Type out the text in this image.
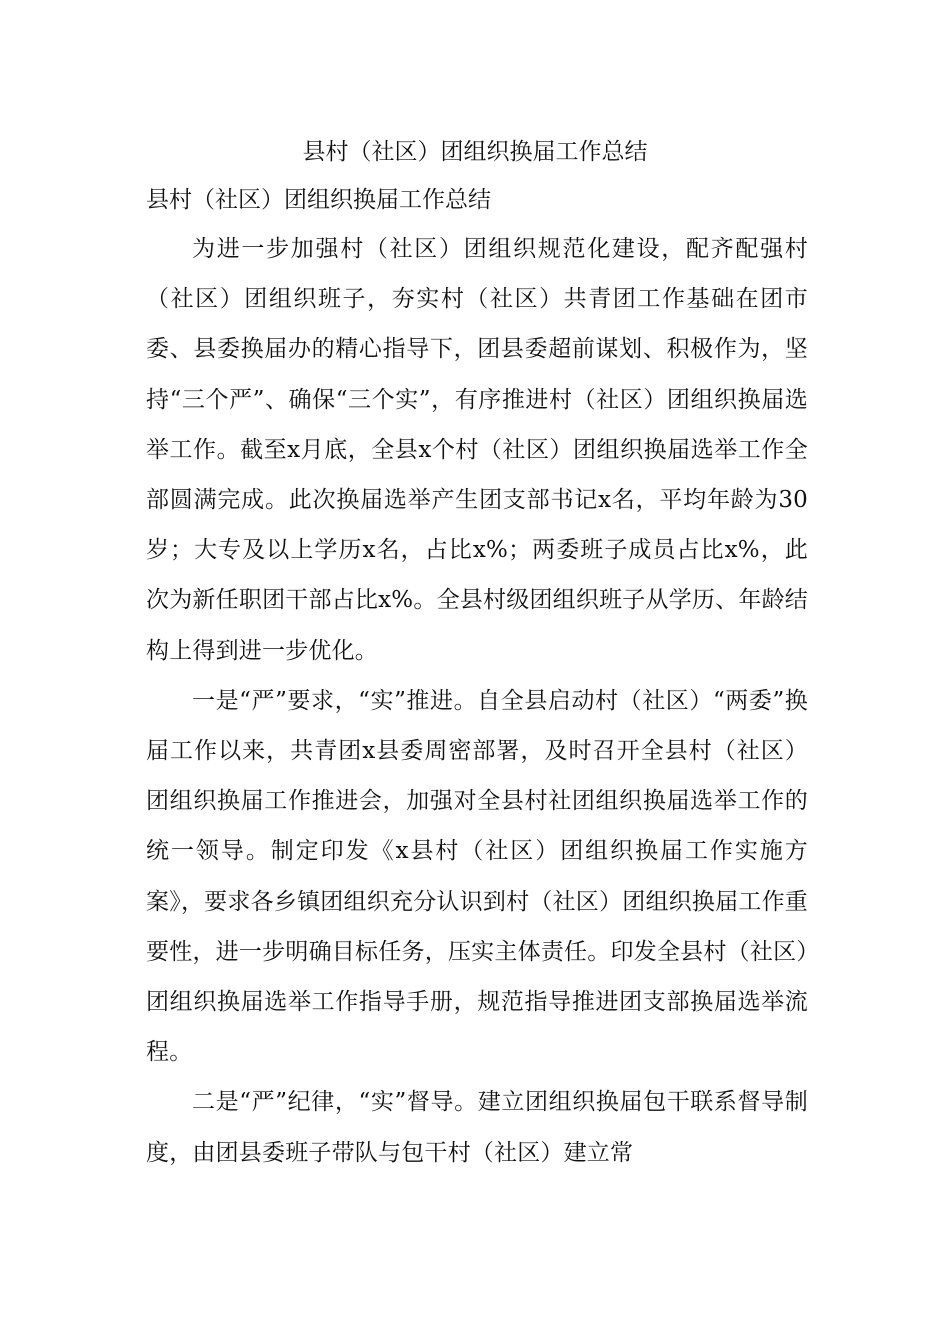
县村（社区）团组织换届工作总结
县村（社区）团组织换届工作总结

为进一步加强村（社区）团组织规范化建设，配齐配强村（社区）团组织班子，夯实村（社区）共青团工作基础在团市委、县委换届办的精心指导下，团县委超前谋划、积极作为，坚持“三个严”、确保“三个实”，有序推进村（社区）团组织换届选举工作。截至x月底，全县x个村（社区）团组织换届选举工作全部圆满完成。此次换届选举产生团支部书记x名，平均年龄为30岁；大专及以上学历x名，占比x%；两委班子成员占比x%，此次为新任职团干部占比x%。全县村级团组织班子从学历、年龄结构上得到进一步优化。

一是“严”要求，“实”推进。自全县启动村（社区）“两委”换届工作以来，共青团x县委周密部署，及时召开全县村（社区）团组织换届工作推进会，加强对全县村社团组织换届选举工作的统一领导。制定印发《x县村（社区）团组织换届工作实施方案》，要求各乡镇团组织充分认识到村（社区）团组织换届工作重要性，进一步明确目标任务，压实主体责任。印发全县村（社区）团组织换届选举工作指导手册，规范指导推进团支部换届选举流程。

二是“严”纪律，“实”督导。建立团组织换届包干联系督导制度，由团县委班子带队与包干村（社区）建立常
